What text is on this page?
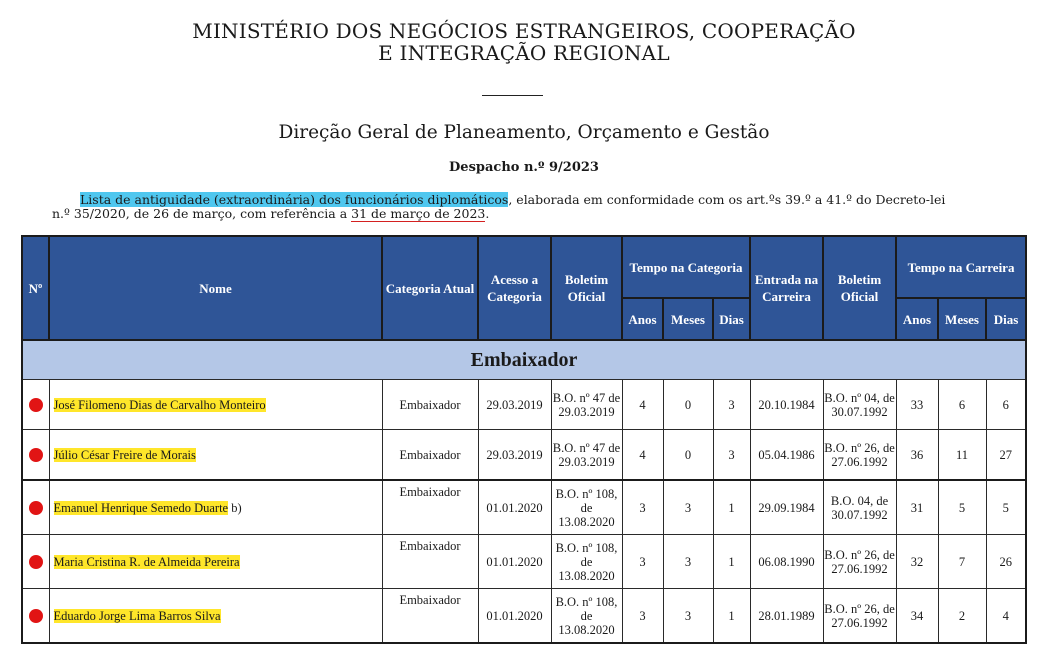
MINISTÉRIO DOS NEGÓCIOS ESTRANGEIROS, COOPERAÇÃO
E INTEGRAÇÃO REGIONAL
Direção Geral de Planeamento, Orçamento e Gestão
Despacho n.º 9/2023
Lista de antiguidade (extraordinária) dos funcionários diplomáticos, elaborada em conformidade com os art.ºs 39.º a 41.º do Decreto-lei
n.º 35/2020, de 26 de março, com referência a 31 de março de 2023.
Nº	Nome	Categoria Atual	Acesso a Categoria	Boletim Oficial	Tempo na Categoria			Entrada na Carreira	Boletim Oficial	Tempo na Carreira		
					Anos	Meses	Dias			Anos	Meses	Dias
Embaixador												
	José Filomeno Dias de Carvalho Monteiro	Embaixador	29.03.2019	B.O. nº 47 de 29.03.2019	4	0	3	20.10.1984	B.O. nº 04, de 30.07.1992	33	6	6
	Júlio César Freire de Morais	Embaixador	29.03.2019	B.O. nº 47 de 29.03.2019	4	0	3	05.04.1986	B.O. nº 26, de 27.06.1992	36	11	27
	Emanuel Henrique Semedo Duarte b)	Embaixador	01.01.2020	B.O. nº 108, de 13.08.2020	3	3	1	29.09.1984	B.O. 04, de 30.07.1992	31	5	5
	Maria Cristina R. de Almeida Pereira	Embaixador	01.01.2020	B.O. nº 108, de 13.08.2020	3	3	1	06.08.1990	B.O. nº 26, de 27.06.1992	32	7	26
	Eduardo Jorge Lima Barros Silva	Embaixador	01.01.2020	B.O. nº 108, de 13.08.2020	3	3	1	28.01.1989	B.O. nº 26, de 27.06.1992	34	2	4
